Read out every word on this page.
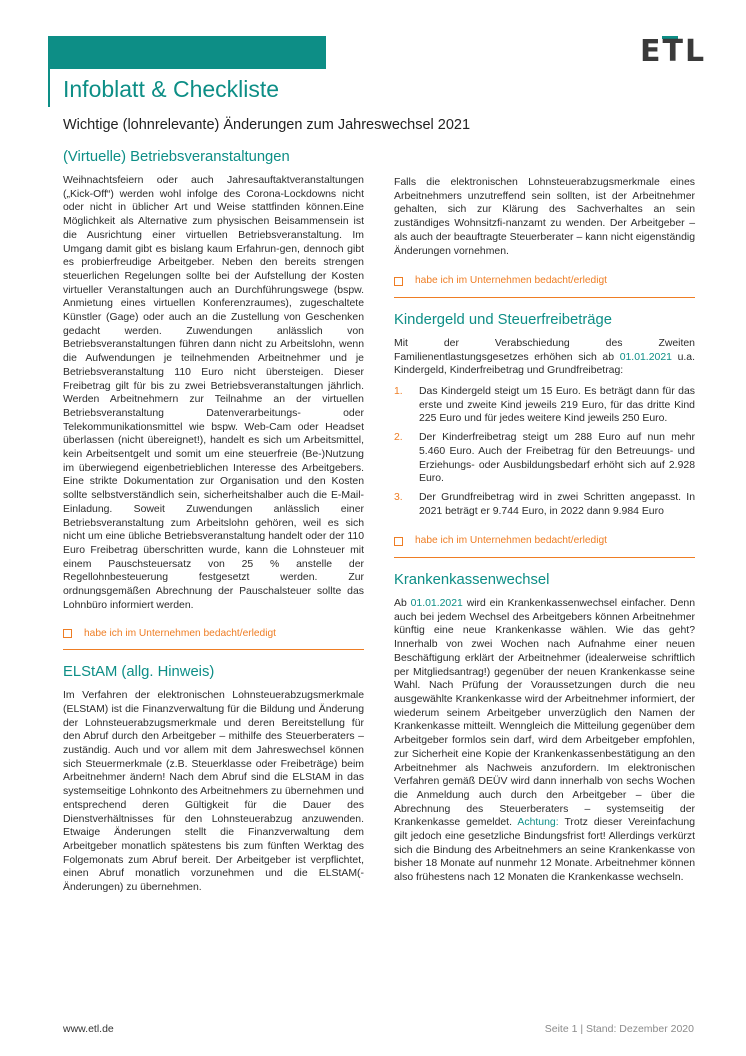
ETL
Infoblatt & Checkliste
Wichtige (lohnrelevante) Änderungen zum Jahreswechsel 2021
(Virtuelle) Betriebsveranstaltungen

Weihnachtsfeiern oder auch Jahresauftaktveranstaltungen („Kick-Off“) werden wohl infolge des Corona-Lockdowns nicht oder nicht in üblicher Art und Weise stattfinden können.Eine Möglichkeit als Alternative zum physischen Beisammensein ist die Ausrichtung einer virtuellen Betriebsveranstaltung. Im Umgang damit gibt es bislang kaum Erfahrun-gen, dennoch gibt es probierfreudige Arbeitgeber. Neben den bereits strengen steuerlichen Regelungen sollte bei der Aufstellung der Kosten virtueller Veranstaltungen auch an Durchführungswege (bspw. Anmietung eines virtuellen Konferenzraumes), zugeschaltete Künstler (Gage) oder auch an die Zustellung von Geschenken gedacht werden. Zuwendungen anlässlich von Betriebsveranstaltungen führen dann nicht zu Arbeitslohn, wenn die Aufwendungen je teilnehmenden Arbeitnehmer und je Betriebsveranstaltung 110 Euro nicht übersteigen. Dieser Freibetrag gilt für bis zu zwei Betriebsveranstaltungen jährlich. Werden Arbeitnehmern zur Teilnahme an der virtuellen Betriebsveranstaltung Datenverarbeitungs- oder Telekommunikationsmittel wie bspw. Web-Cam oder Headset überlassen (nicht übereignet!), handelt es sich um Arbeitsmittel, kein Arbeitsentgelt und somit um eine steuerfreie (Be-)Nutzung im überwiegend eigenbetrieblichen Interesse des Arbeitgebers. Eine strikte Dokumentation zur Organisation und den Kosten sollte selbstverständlich sein, sicherheitshalber auch die E-Mail-Einladung. Soweit Zuwendungen anlässlich einer Betriebsveranstaltung zum Arbeitslohn gehören, weil es sich nicht um eine übliche Betriebsveranstaltung handelt oder der 110 Euro Freibetrag überschritten wurde, kann die Lohnsteuer mit einem Pauschsteuersatz von 25 % anstelle der Regellohnbesteuerung festgesetzt werden. Zur ordnungsgemäßen Abrechnung der Pauschalsteuer sollte das Lohnbüro informiert werden.

habe ich im Unternehmen bedacht/erledigt
ELStAM (allg. Hinweis)

Im Verfahren der elektronischen Lohnsteuerabzugsmerkmale (ELStAM) ist die Finanzverwaltung für die Bildung und Änderung der Lohnsteuerabzugsmerkmale und deren Bereitstellung für den Abruf durch den Arbeitgeber – mithilfe des Steuerberaters – zuständig. Auch und vor allem mit dem Jahreswechsel können sich Steuermerkmale (z.B. Steuerklasse oder Freibeträge) beim Arbeitnehmer ändern! Nach dem Abruf sind die ELStAM in das systemseitige Lohnkonto des Arbeitnehmers zu übernehmen und entsprechend deren Gültigkeit für die Dauer des Dienstverhältnisses für den Lohnsteuerabzug anzuwenden. Etwaige Änderungen stellt die Finanzverwaltung dem Arbeitgeber monatlich spätestens bis zum fünften Werktag des Folgemonats zum Abruf bereit. Der Arbeitgeber ist verpflichtet, einen Abruf monatlich vorzunehmen und die ELStAM(-Änderungen) zu übernehmen.

Falls die elektronischen Lohnsteuerabzugsmerkmale eines Arbeitnehmers unzutreffend sein sollten, ist der Arbeitnehmer gehalten, sich zur Klärung des Sachverhaltes an sein zuständiges Wohnsitzfi-nanzamt zu wenden. Der Arbeitgeber – als auch der beauftragte Steuerberater – kann nicht eigenständig Änderungen vornehmen.

habe ich im Unternehmen bedacht/erledigt
Kindergeld und Steuerfreibeträge

Mit der Verabschiedung des Zweiten Familienentlastungsgesetzes erhöhen sich ab 01.01.2021 u.a. Kindergeld, Kinderfreibetrag und Grundfreibetrag:

1.	Das Kindergeld steigt um 15 Euro. Es beträgt dann für das erste und zweite Kind jeweils 219 Euro, für das dritte Kind 225 Euro und für jedes weitere Kind jeweils 250 Euro.
2.	Der Kinderfreibetrag steigt um 288 Euro auf nun mehr 5.460 Euro. Auch der Freibetrag für den Betreuungs- und Erziehungs- oder Ausbildungsbedarf erhöht sich auf 2.928 Euro.
3.	Der Grundfreibetrag wird in zwei Schritten angepasst. In 2021 beträgt er 9.744 Euro, in 2022 dann 9.984 Euro
habe ich im Unternehmen bedacht/erledigt
Krankenkassenwechsel

Ab 01.01.2021 wird ein Krankenkassenwechsel einfacher. Denn auch bei jedem Wechsel des Arbeitgebers können Arbeitnehmer künftig eine neue Krankenkasse wählen. Wie das geht? Innerhalb von zwei Wochen nach Aufnahme einer neuen Beschäftigung erklärt der Arbeitnehmer (idealerweise schriftlich per Mitgliedsantrag!) gegenüber der neuen Krankenkasse seine Wahl. Nach Prüfung der Voraussetzungen durch die neu ausgewählte Krankenkasse wird der Arbeitnehmer informiert, der wiederum seinem Arbeitgeber unverzüglich den Namen der Krankenkasse mitteilt. Wenngleich die Mitteilung gegenüber dem Arbeitgeber formlos sein darf, wird dem Arbeitgeber empfohlen, zur Sicherheit eine Kopie der Krankenkassenbestätigung an den Arbeitnehmer als Nachweis anzufordern. Im elektronischen Verfahren gemäß DEÜV wird dann innerhalb von sechs Wochen die Anmeldung auch durch den Arbeitgeber – über die Abrechnung des Steuerberaters – systemseitig der Krankenkasse gemeldet. Achtung: Trotz dieser Vereinfachung gilt jedoch eine gesetzliche Bindungsfrist fort! Allerdings verkürzt sich die Bindung des Arbeitnehmers an seine Krankenkasse von bisher 18 Monate auf nunmehr 12 Monate. Arbeitnehmer können also frühestens nach 12 Monaten die Krankenkasse wechseln.

www.etl.de	Seite 1 | Stand: Dezember 2020
